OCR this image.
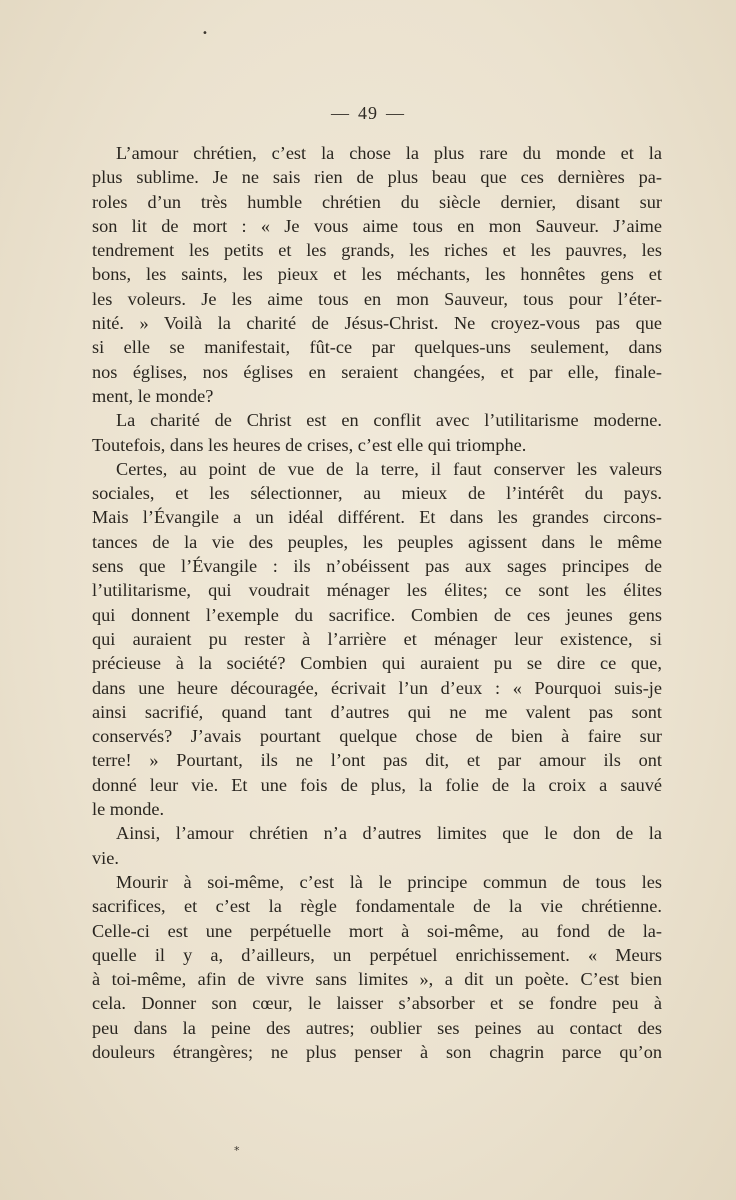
•
— 49 —
L’amour chrétien, c’est la chose la plus rare du monde et la
plus sublime. Je ne sais rien de plus beau que ces dernières pa-
roles d’un très humble chrétien du siècle dernier, disant sur
son lit de mort : « Je vous aime tous en mon Sauveur. J’aime
tendrement les petits et les grands, les riches et les pauvres, les
bons, les saints, les pieux et les méchants, les honnêtes gens et
les voleurs. Je les aime tous en mon Sauveur, tous pour l’éter-
nité. » Voilà la charité de Jésus-Christ. Ne croyez-vous pas que
si elle se manifestait, fût-ce par quelques-uns seulement, dans
nos églises, nos églises en seraient changées, et par elle, finale-
ment, le monde?
La charité de Christ est en conflit avec l’utilitarisme moderne.
Toutefois, dans les heures de crises, c’est elle qui triomphe.
Certes, au point de vue de la terre, il faut conserver les valeurs
sociales, et les sélectionner, au mieux de l’intérêt du pays.
Mais l’Évangile a un idéal différent. Et dans les grandes circons-
tances de la vie des peuples, les peuples agissent dans le même
sens que l’Évangile : ils n’obéissent pas aux sages principes de
l’utilitarisme, qui voudrait ménager les élites; ce sont les élites
qui donnent l’exemple du sacrifice. Combien de ces jeunes gens
qui auraient pu rester à l’arrière et ménager leur existence, si
précieuse à la société? Combien qui auraient pu se dire ce que,
dans une heure découragée, écrivait l’un d’eux : « Pourquoi suis-je
ainsi sacrifié, quand tant d’autres qui ne me valent pas sont
conservés? J’avais pourtant quelque chose de bien à faire sur
terre! » Pourtant, ils ne l’ont pas dit, et par amour ils ont
donné leur vie. Et une fois de plus, la folie de la croix a sauvé
le monde.
Ainsi, l’amour chrétien n’a d’autres limites que le don de la
vie.
Mourir à soi-même, c’est là le principe commun de tous les
sacrifices, et c’est la règle fondamentale de la vie chrétienne.
Celle-ci est une perpétuelle mort à soi-même, au fond de la-
quelle il y a, d’ailleurs, un perpétuel enrichissement. « Meurs
à toi-même, afin de vivre sans limites », a dit un poète. C’est bien
cela. Donner son cœur, le laisser s’absorber et se fondre peu à
peu dans la peine des autres; oublier ses peines au contact des
douleurs étrangères; ne plus penser à son chagrin parce qu’on
*
